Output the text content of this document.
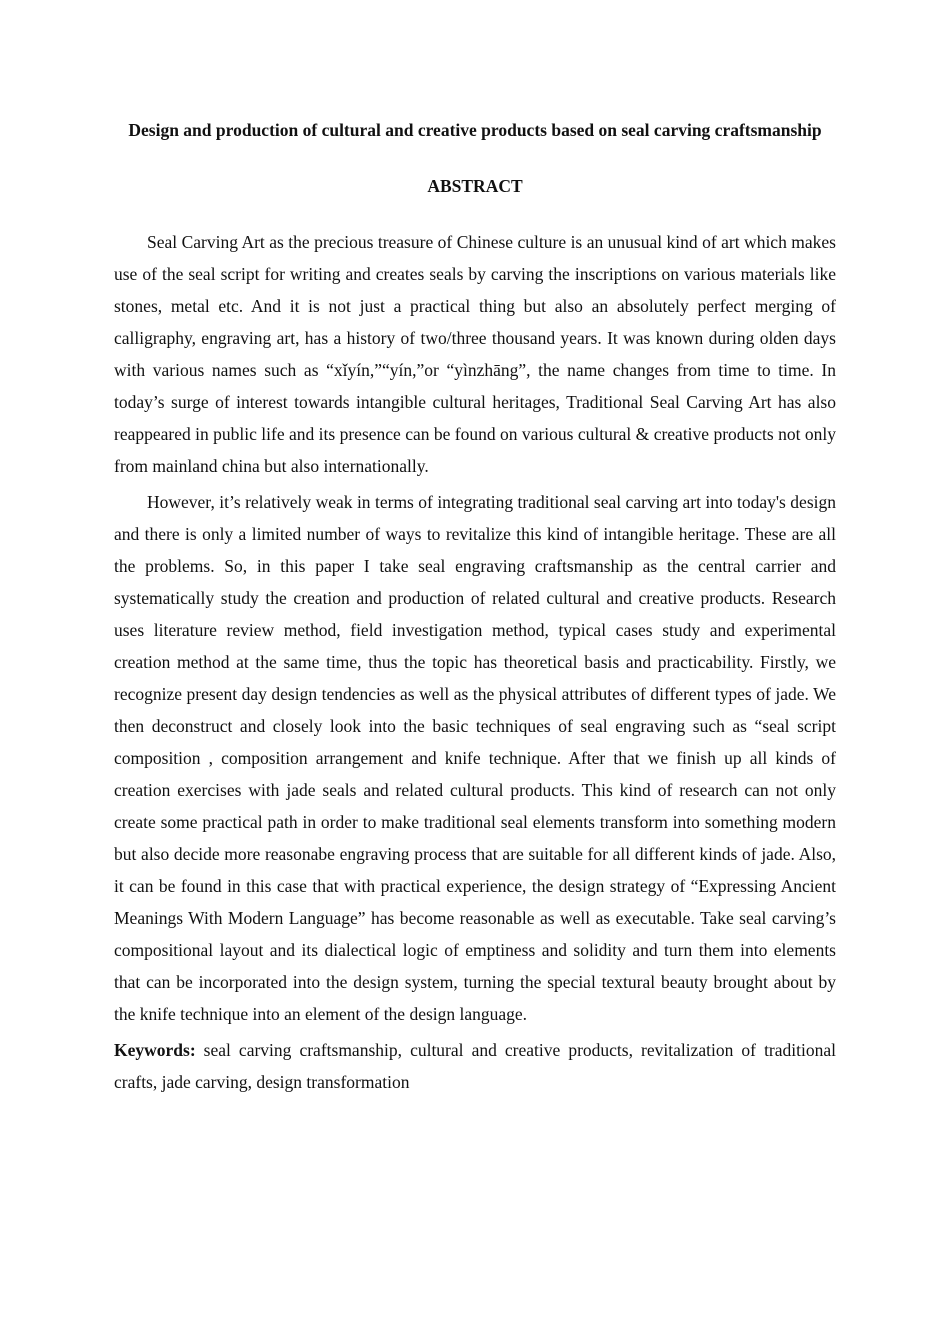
Design and production of cultural and creative products based on seal carving craftsmanship

ABSTRACT

Seal Carving Art as the precious treasure of Chinese culture is an unusual kind of art which makes use of the seal script for writing and creates seals by carving the inscriptions on various materials like stones, metal etc. And it is not just a practical thing but also an absolutely perfect merging of calligraphy, engraving art, has a history of two/three thousand years. It was known during olden days with various names such as “xǐyín,”“yín,”or “yìnzhāng”, the name changes from time to time. In today’s surge of interest towards intangible cultural heritages, Traditional Seal Carving Art has also reappeared in public life and its presence can be found on various cultural & creative products not only from mainland china but also internationally.

However, it’s relatively weak in terms of integrating traditional seal carving art into today's design and there is only a limited number of ways to revitalize this kind of intangible heritage. These are all the problems. So, in this paper I take seal engraving craftsmanship as the central carrier and systematically study the creation and production of related cultural and creative products. Research uses literature review method, field investigation method, typical cases study and experimental creation method at the same time, thus the topic has theoretical basis and practicability. Firstly, we recognize present day design tendencies as well as the physical attributes of different types of jade. We then deconstruct and closely look into the basic techniques of seal engraving such as “seal script composition , composition arrangement and knife technique. After that we finish up all kinds of creation exercises with jade seals and related cultural products. This kind of research can not only create some practical path in order to make traditional seal elements transform into something modern but also decide more reasonabe engraving process that are suitable for all different kinds of jade. Also, it can be found in this case that with practical experience, the design strategy of “Expressing Ancient Meanings With Modern Language” has become reasonable as well as executable. Take seal carving’s compositional layout and its dialectical logic of emptiness and solidity and turn them into elements that can be incorporated into the design system, turning the special textural beauty brought about by the knife technique into an element of the design language.

Keywords: seal carving craftsmanship, cultural and creative products, revitalization of traditional crafts, jade carving, design transformation
